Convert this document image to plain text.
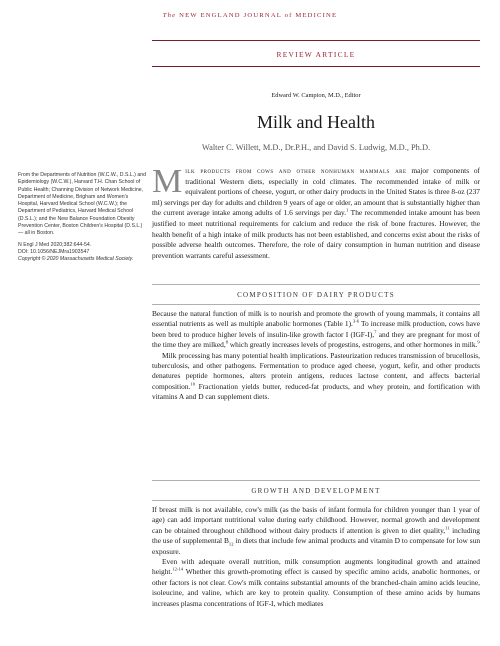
The NEW ENGLAND JOURNAL of MEDICINE
REVIEW ARTICLE
Edward W. Campion, M.D., Editor
Milk and Health
Walter C. Willett, M.D., Dr.P.H., and David S. Ludwig, M.D., Ph.D.

From the Departments of Nutrition (W.C.W., D.S.L.) and Epidemiology (W.C.W.), Harvard T.H. Chan School of Public Health; Channing Division of Network Medicine, Department of Medicine, Brigham and Women's Hospital, Harvard Medical School (W.C.W.); the Department of Pediatrics, Harvard Medical School (D.S.L.); and the New Balance Foundation Obesity Prevention Center, Boston Children's Hospital (D.S.L.) — all in Boston.

N Engl J Med 2020;382:644-54.

DOI: 10.1056/NEJMra1903547

Copyright © 2020 Massachusetts Medical Society.

Milk products from cows and other nonhuman mammals are major components of traditional Western diets, especially in cold climates. The recommended intake of milk or equivalent portions of cheese, yogurt, or other dairy products in the United States is three 8-oz (237 ml) servings per day for adults and children 9 years of age or older, an amount that is substantially higher than the current average intake among adults of 1.6 servings per day.$^1$ The recommended intake amount has been justified to meet nutritional requirements for calcium and reduce the risk of bone fractures. However, the health benefit of a high intake of milk products has not been established, and concerns exist about the risks of possible adverse health outcomes. Therefore, the role of dairy consumption in human nutrition and disease prevention warrants careful assessment.
COMPOSITION OF DAIRY PRODUCTS

Because the natural function of milk is to nourish and promote the growth of young mammals, it contains all essential nutrients as well as multiple anabolic hormones (Table 1).$^{3-6}$ To increase milk production, cows have been bred to produce higher levels of insulin-like growth factor I (IGF-I),$^7$ and they are pregnant for most of the time they are milked,$^8$ which greatly increases levels of progestins, estrogens, and other hormones in milk.$^9$

Milk processing has many potential health implications. Pasteurization reduces transmission of brucellosis, tuberculosis, and other pathogens. Fermentation to produce aged cheese, yogurt, kefir, and other products denatures peptide hormones, alters protein antigens, reduces lactose content, and affects bacterial composition.$^{10}$ Fractionation yields butter, reduced-fat products, and whey protein, and fortification with vitamins A and D can supplement diets.

GROWTH AND DEVELOPMENT

If breast milk is not available, cow's milk (as the basis of infant formula for children younger than 1 year of age) can add important nutritional value during early childhood. However, normal growth and development can be obtained throughout childhood without dairy products if attention is given to diet quality,$^{11}$ including the use of supplemental $B_{12}$ in diets that include few animal products and vitamin D to compensate for low sun exposure.

Even with adequate overall nutrition, milk consumption augments longitudinal growth and attained height.$^{12-14}$ Whether this growth-promoting effect is caused by specific amino acids, anabolic hormones, or other factors is not clear. Cow's milk contains substantial amounts of the branched-chain amino acids leucine, isoleucine, and valine, which are key to protein quality. Consumption of these amino acids by humans increases plasma concentrations of IGF-I, which mediates
